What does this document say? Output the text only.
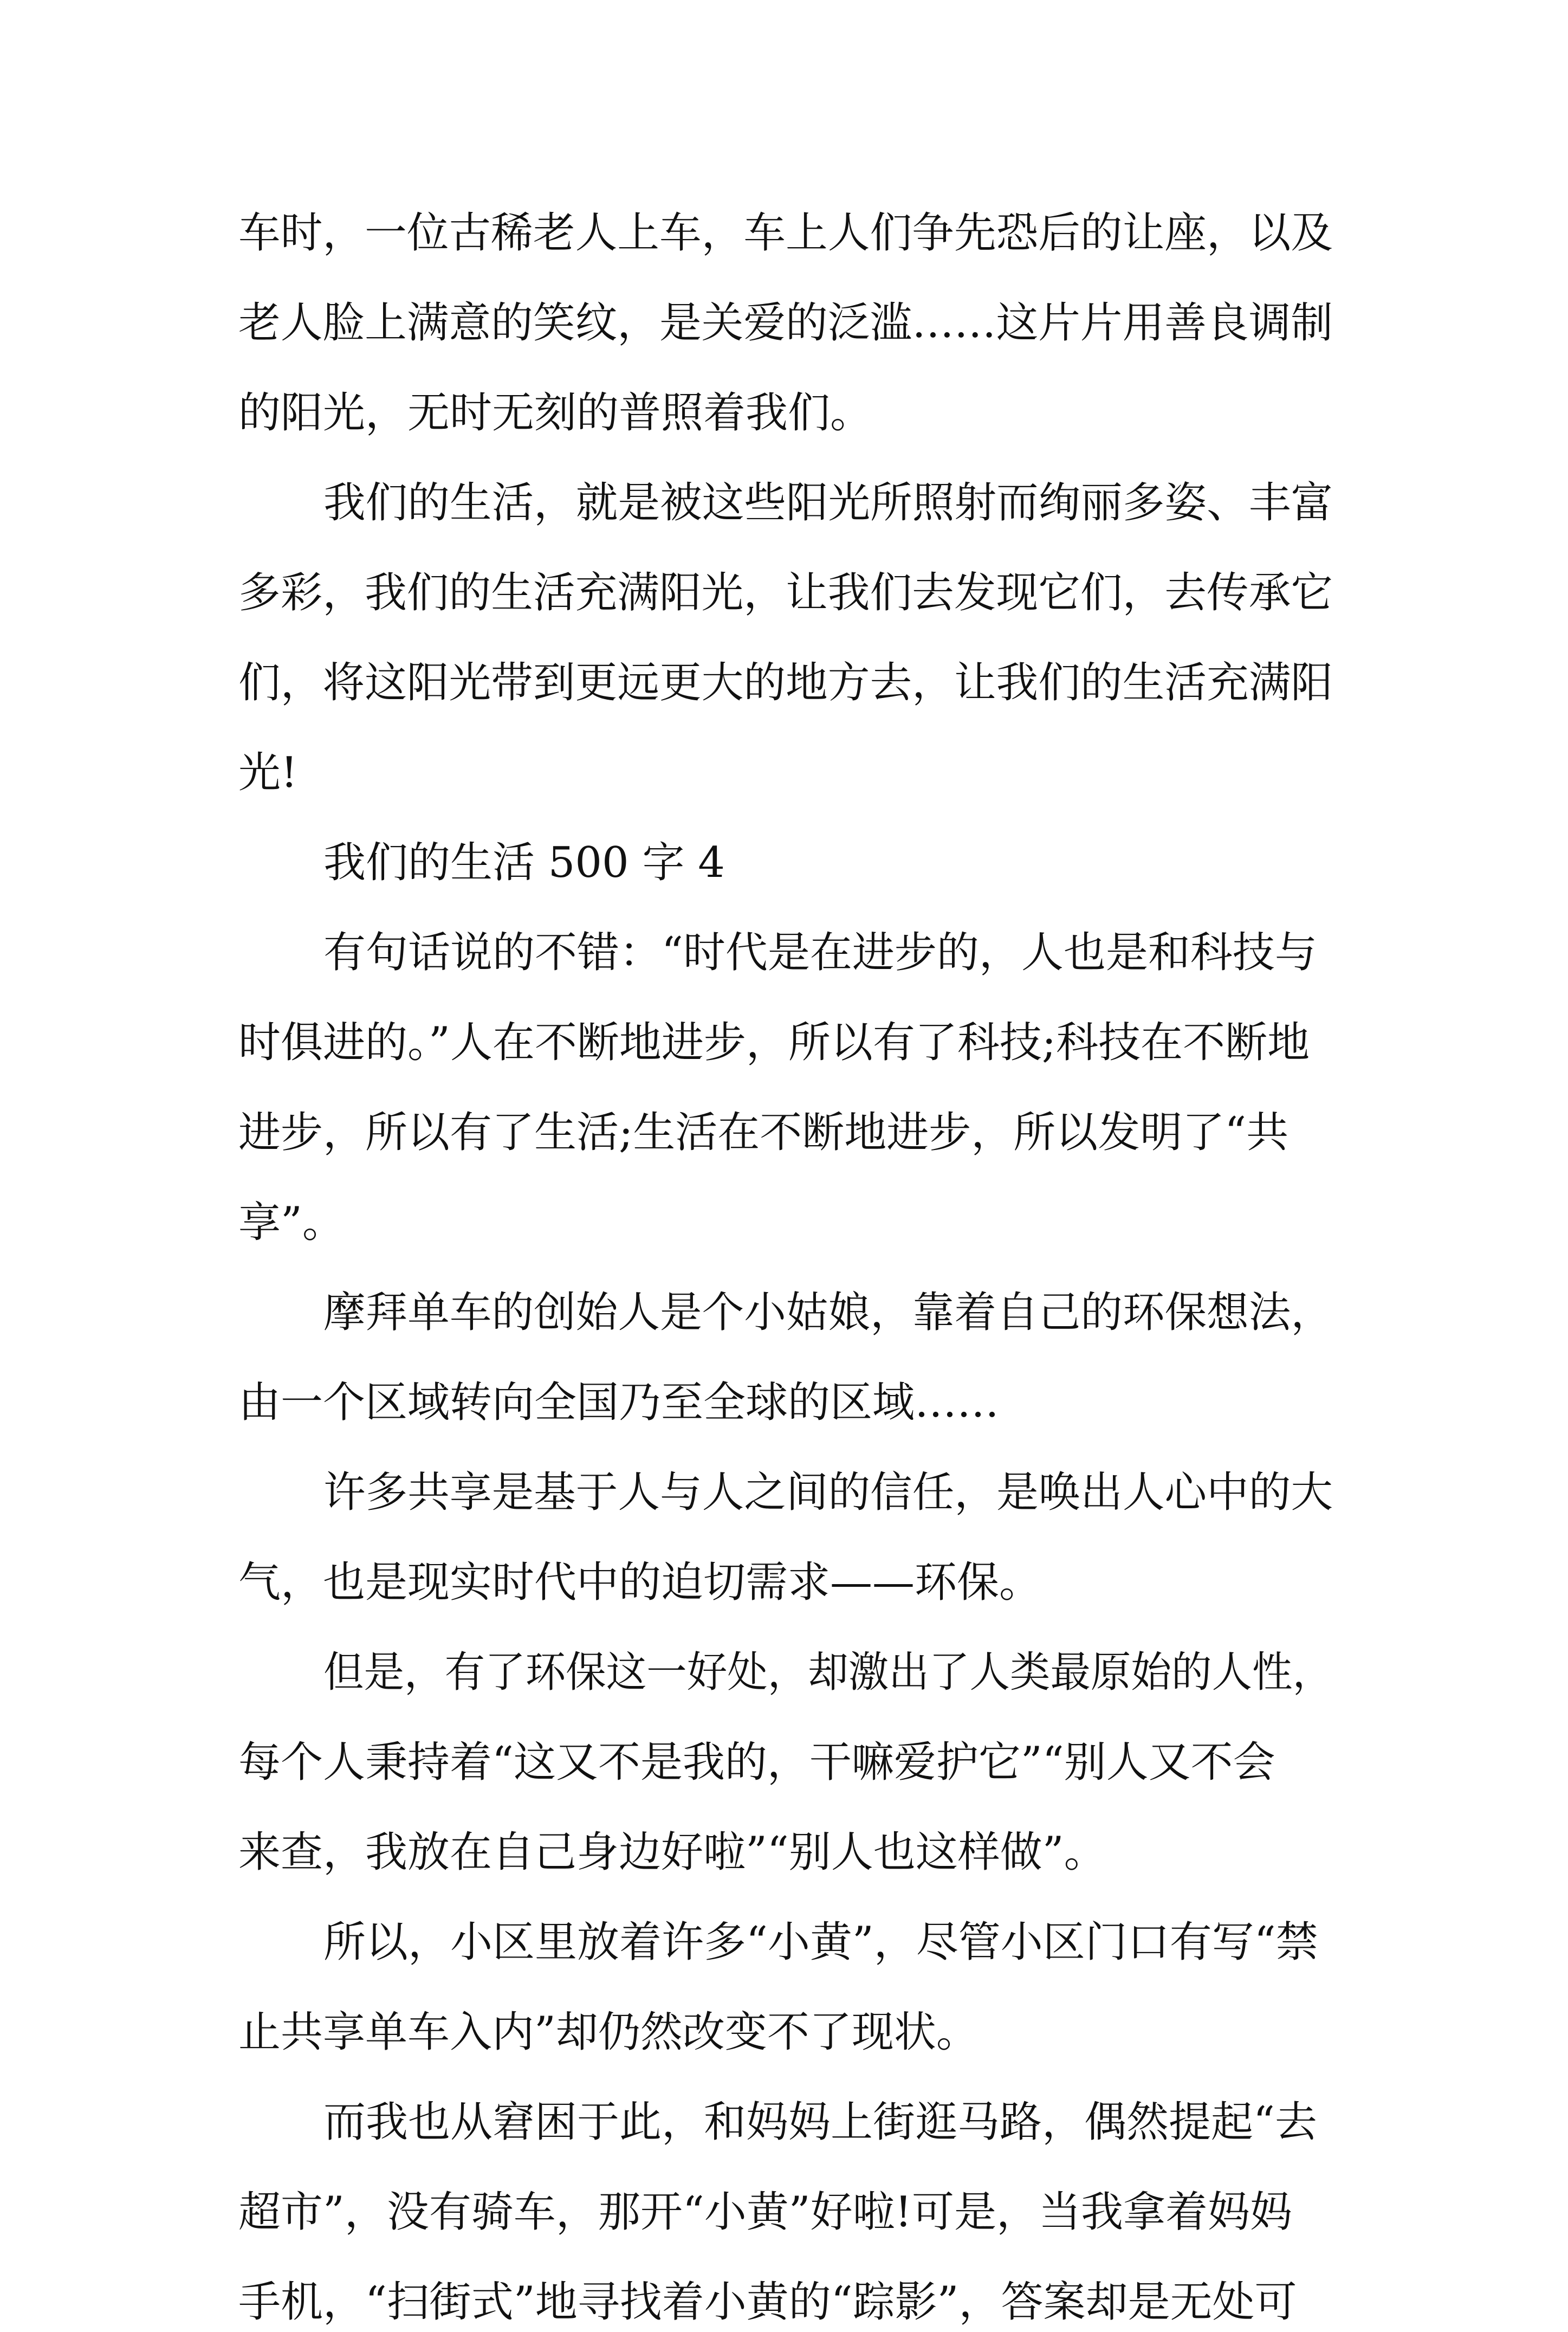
车时，一位古稀老人上车，车上人们争先恐后的让座，以及
老人脸上满意的笑纹，是关爱的泛滥……这片片用善良调制
的阳光，无时无刻的普照着我们。
我们的生活，就是被这些阳光所照射而绚丽多姿、丰富
多彩，我们的生活充满阳光，让我们去发现它们，去传承它
们，将这阳光带到更远更大的地方去，让我们的生活充满阳
光!
我们的生活 500 字 4
有句话说的不错：“时代是在进步的，人也是和科技与
时俱进的。”人在不断地进步，所以有了科技;科技在不断地
进步，所以有了生活;生活在不断地进步，所以发明了“共
享”。
摩拜单车的创始人是个小姑娘，靠着自己的环保想法，
由一个区域转向全国乃至全球的区域……
许多共享是基于人与人之间的信任，是唤出人心中的大
气，也是现实时代中的迫切需求——环保。
但是，有了环保这一好处，却激出了人类最原始的人性，
每个人秉持着“这又不是我的，干嘛爱护它”“别人又不会
来查，我放在自己身边好啦”“别人也这样做”。
所以，小区里放着许多“小黄”，尽管小区门口有写“禁
止共享单车入内”却仍然改变不了现状。
而我也从窘困于此，和妈妈上街逛马路，偶然提起“去
超市”，没有骑车，那开“小黄”好啦!可是，当我拿着妈妈
手机，“扫街式”地寻找着小黄的“踪影”，答案却是无处可
